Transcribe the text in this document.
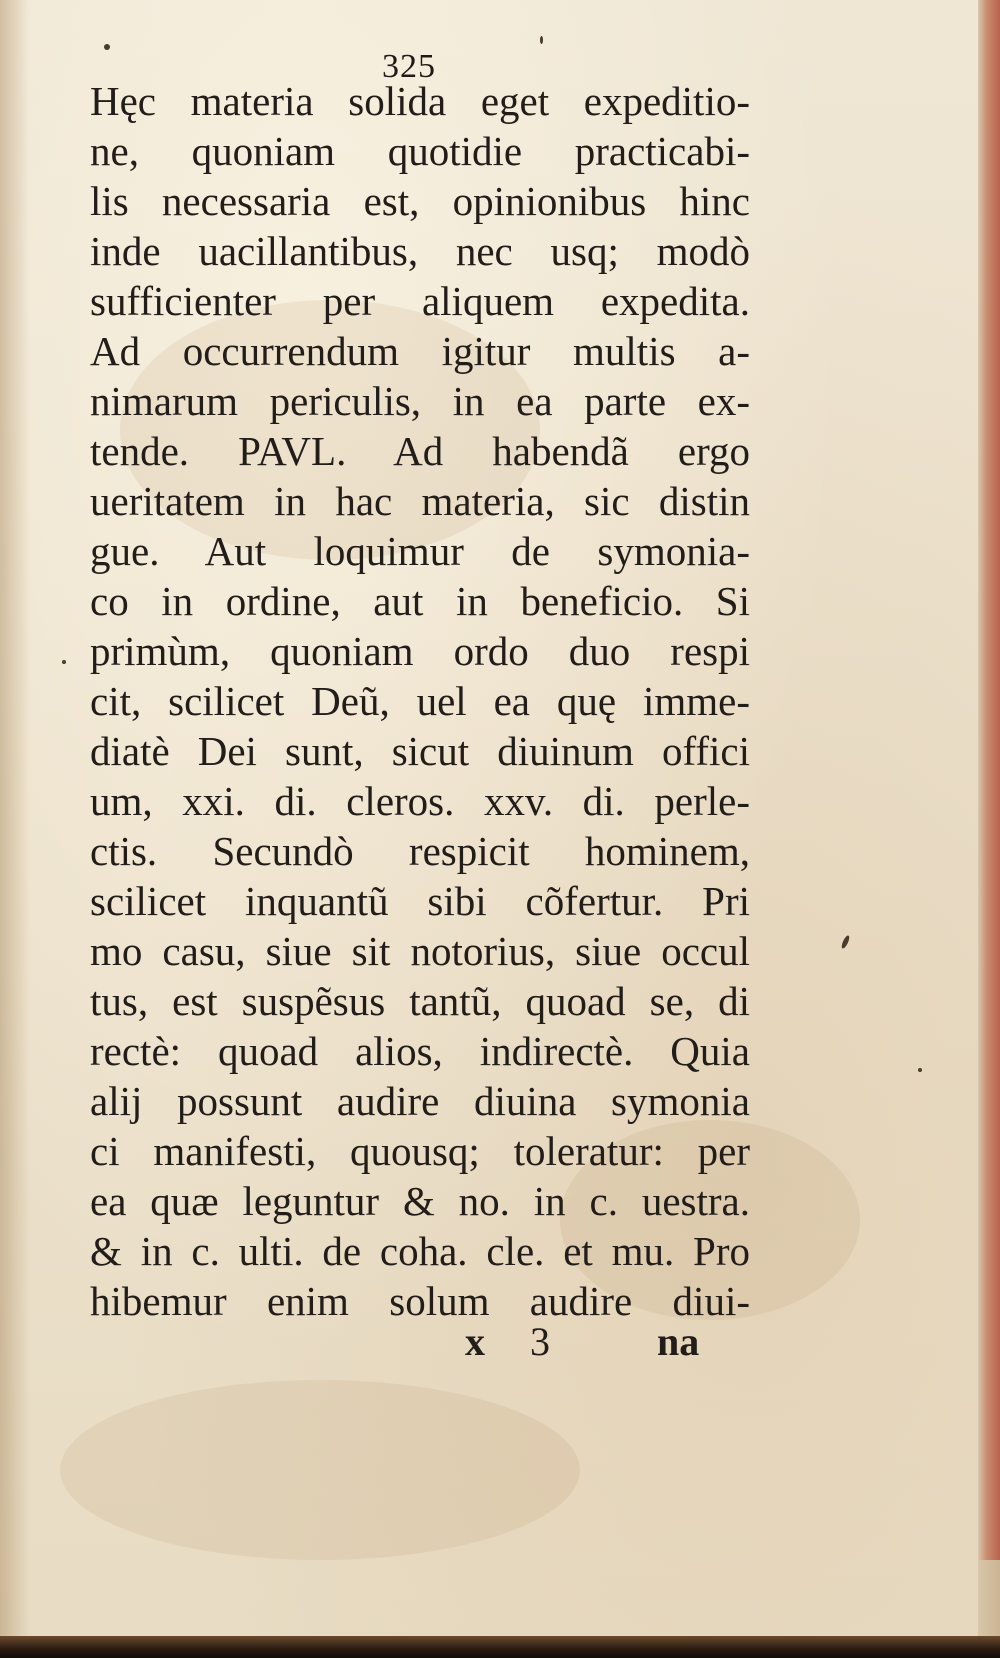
325
Hęc materia solida eget expeditio-
ne, quoniam quotidie practicabi-
lis necessaria est, opinionibus hinc
inde uacillantibus, nec usq; modò
sufficienter per aliquem expedita.
Ad occurrendum igitur multis a-
nimarum periculis, in ea parte ex-
tende. PAVL. Ad habendã ergo
ueritatem in hac materia, sic distin
gue. Aut loquimur de symonia-
co in ordine, aut in beneficio. Si
primùm, quoniam ordo duo respi
cit, scilicet Deũ, uel ea quę imme-
diatè Dei sunt, sicut diuinum offici
um, xxi. di. cleros. xxv. di. perle-
ctis. Secundò respicit hominem,
scilicet inquantũ sibi cõfertur. Pri
mo casu, siue sit notorius, siue occul
tus, est suspẽsus tantũ, quoad se, di
rectè: quoad alios, indirectè. Quia
alij possunt audire diuina symonia
ci manifesti, quousq; toleratur: per
ea quæ leguntur & no. in c. uestra.
& in c. ulti. de coha. cle. et mu. Pro
hibemur enim solum audire diui-
x 3	na
